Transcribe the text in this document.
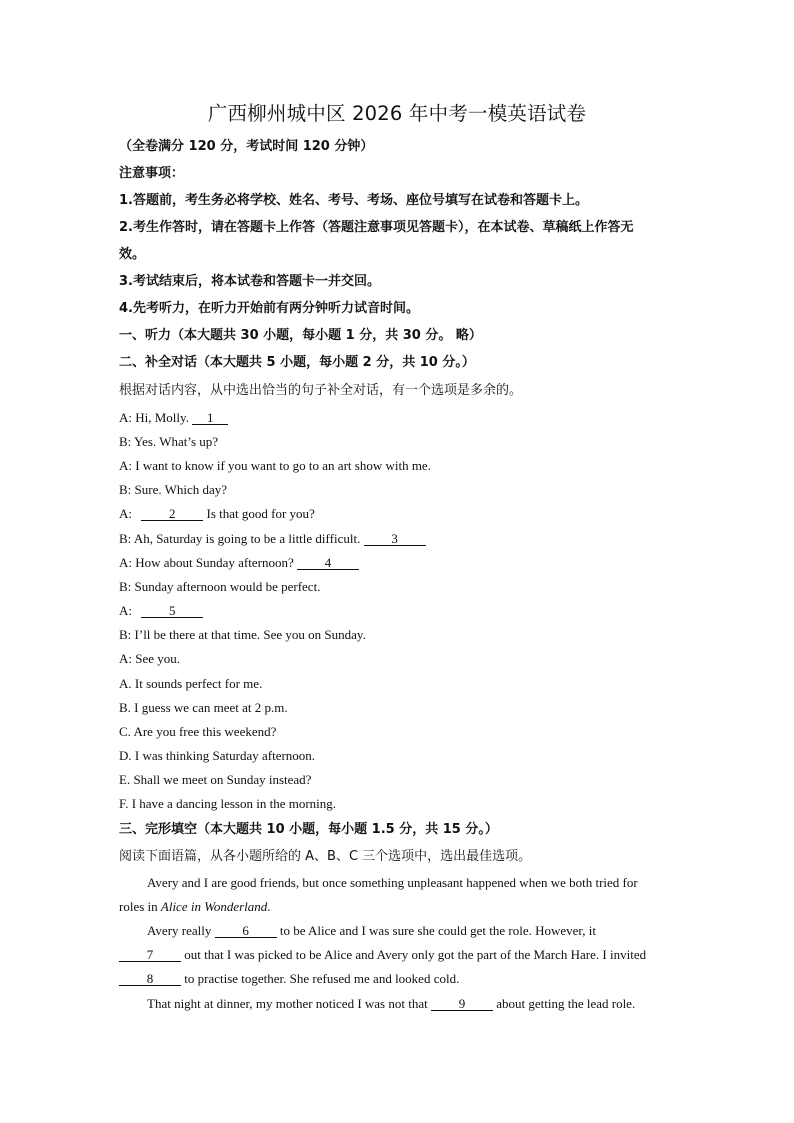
广西柳州城中区 2026 年中考一模英语试卷
（全卷满分 120 分，考试时间 120 分钟）
注意事项：
1.答题前，考生务必将学校、姓名、考号、考场、座位号填写在试卷和答题卡上。
2.考生作答时，请在答题卡上作答（答题注意事项见答题卡），在本试卷、草稿纸上作答无
效。
3.考试结束后，将本试卷和答题卡一并交回。
4.先考听力，在听力开始前有两分钟听力试音时间。
一、听力（本大题共 30 小题，每小题 1 分，共 30 分。 略）
二、补全对话（本大题共 5 小题，每小题 2 分，共 10 分。）
根据对话内容，从中选出恰当的句子补全对话，有一个选项是多余的。
A: Hi, Molly. 1
B: Yes. What’s up?
A: I want to know if you want to go to an art show with me.
B: Sure. Which day?
A:	2 Is that good for you?
B: Ah, Saturday is going to be a little difficult. 3
A: How about Sunday afternoon? 4
B: Sunday afternoon would be perfect.
A:	5
B: I’ll be there at that time. See you on Sunday.
A: See you.
A. It sounds perfect for me.
B. I guess we can meet at 2 p.m.
C. Are you free this weekend?
D. I was thinking Saturday afternoon.
E. Shall we meet on Sunday instead?
F. I have a dancing lesson in the morning.
三、完形填空（本大题共 10 小题，每小题 1.5 分，共 15 分。）
阅读下面语篇，从各小题所给的 A、B、C 三个选项中，选出最佳选项。
Avery and I are good friends, but once something unpleasant happened when we both tried for
roles in Alice in Wonderland.
Avery really 6 to be Alice and I was sure she could get the role. However, it
7 out that I was picked to be Alice and Avery only got the part of the March Hare. I invited
8 to practise together. She refused me and looked cold.
That night at dinner, my mother noticed I was not that 9 about getting the lead role.
